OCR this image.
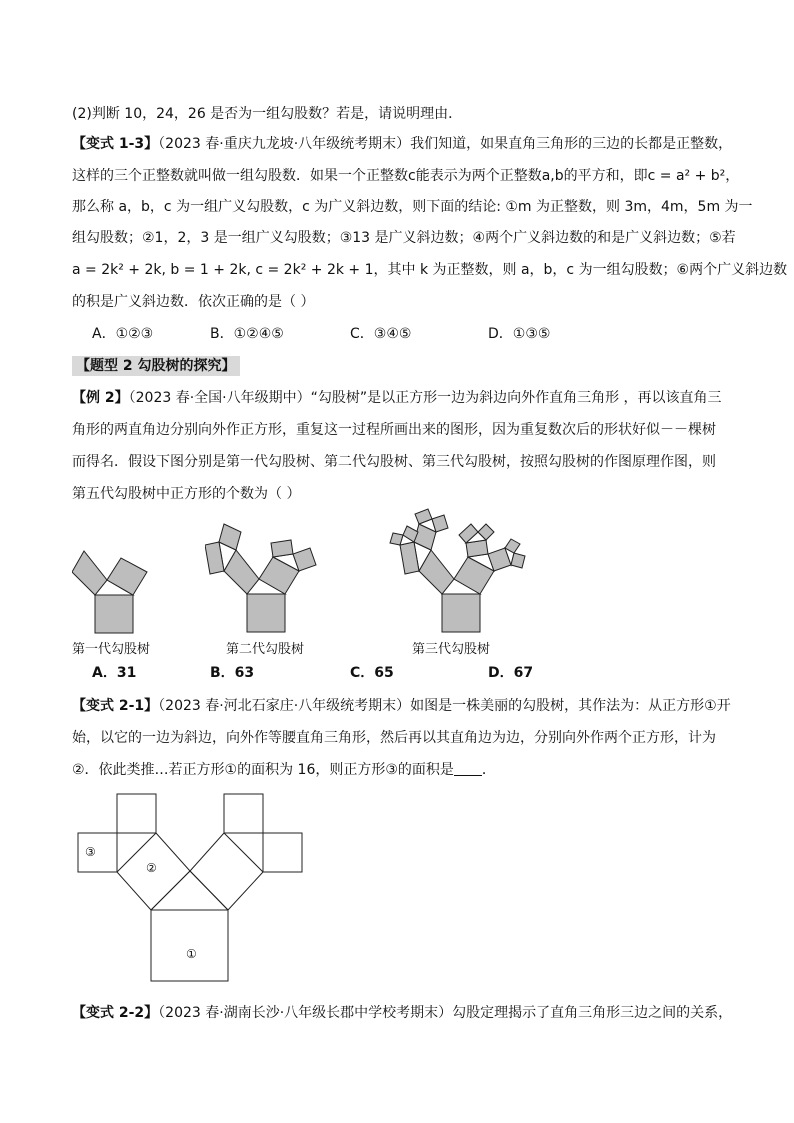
(2)判断 10，24，26 是否为一组勾股数？若是，请说明理由．
【变式 1-3】（2023 春·重庆九龙坡·八年级统考期末）我们知道，如果直角三角形的三边的长都是正整数，
这样的三个正整数就叫做一组勾股数．如果一个正整数c能表示为两个正整数a,b的平方和，即c = a² + b²，
那么称 a，b，c 为一组广义勾股数，c 为广义斜边数，则下面的结论: ①m 为正整数，则 3m，4m，5m 为一
组勾股数；②1，2，3 是一组广义勾股数；③13 是广义斜边数；④两个广义斜边数的和是广义斜边数；⑤若
a = 2k² + 2k, b = 1 + 2k, c = 2k² + 2k + 1，其中 k 为正整数，则 a，b，c 为一组勾股数；⑥两个广义斜边数
的积是广义斜边数．依次正确的是（ ）
A．①②③	B．①②④⑤	C．③④⑤	D．①③⑤
【题型 2 勾股树的探究】
【例 2】（2023 春·全国·八年级期中）“勾股树”是以正方形一边为斜边向外作直角三角形 ，再以该直角三
角形的两直角边分别向外作正方形，重复这一过程所画出来的图形，因为重复数次后的形状好似－－棵树
而得名．假设下图分别是第一代勾股树、第二代勾股树、第三代勾股树，按照勾股树的作图原理作图，则
第五代勾股树中正方形的个数为（ ）
第一代勾股树	第二代勾股树	第三代勾股树
A．31	B．63	C．65	D．67
【变式 2-1】（2023 春·河北石家庄·八年级统考期末）如图是一株美丽的勾股树，其作法为：从正方形①开
始，以它的一边为斜边，向外作等腰直角三角形，然后再以其直角边为边，分别向外作两个正方形，计为
②．依此类推…若正方形①的面积为 16，则正方形③的面积是 ．
③
②
①
【变式 2-2】（2023 春·湖南长沙·八年级长郡中学校考期末）勾股定理揭示了直角三角形三边之间的关系，
